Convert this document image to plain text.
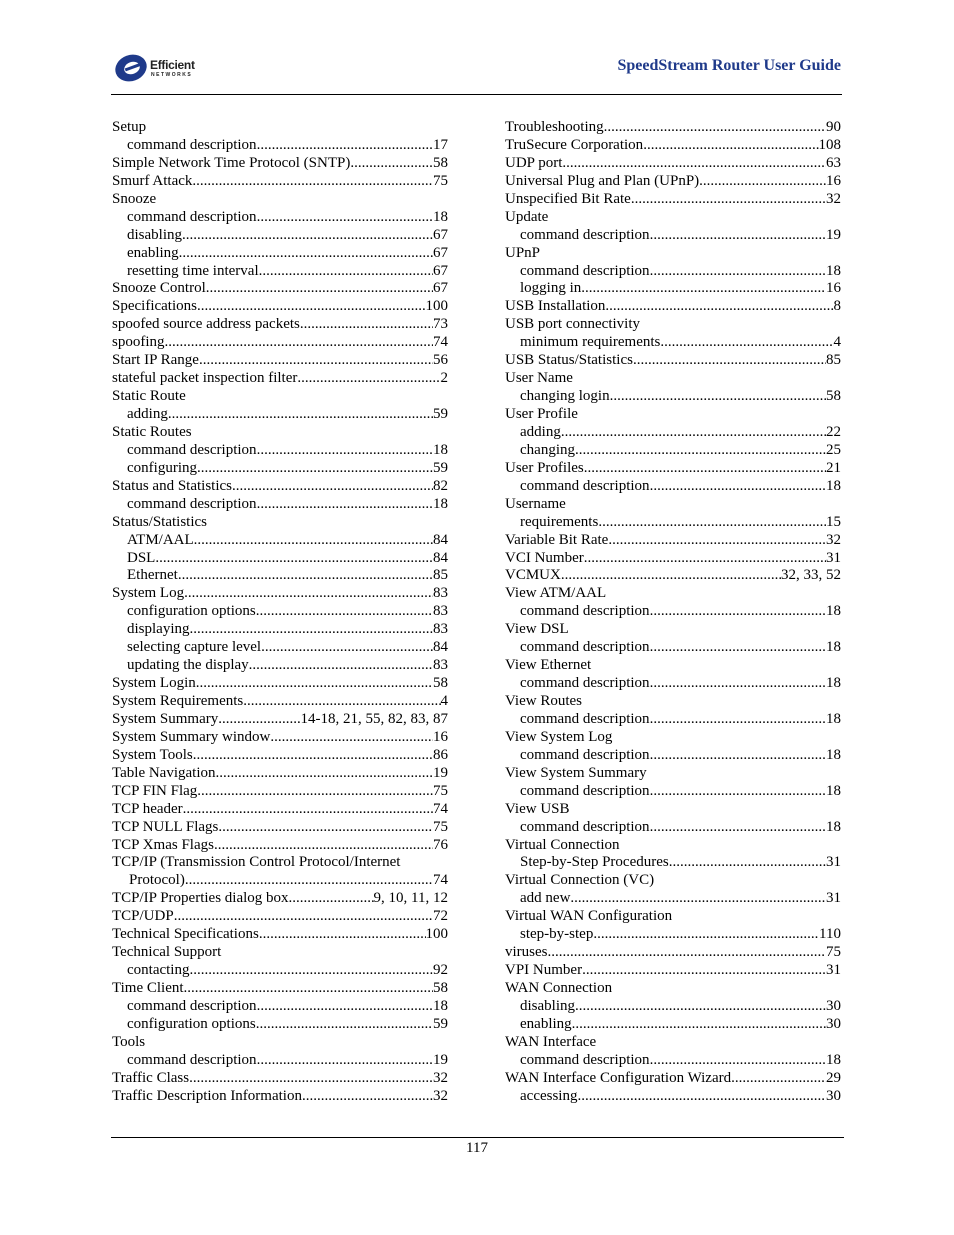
Efficient
NETWORKS
SpeedStream Router User Guide
Setup
command description .....	17
Simple Network Time Protocol (SNTP) .....	58
Smurf Attack .....	75
Snooze
command description .....	18
disabling .....	67
enabling .....	67
resetting time interval .....	67
Snooze Control .....	67
Specifications .....	100
spoofed source address packets .....	73
spoofing .....	74
Start IP Range .....	56
stateful packet inspection filter .....	2
Static Route
adding .....	59
Static Routes
command description .....	18
configuring .....	59
Status and Statistics .....	82
command description .....	18
Status/Statistics
ATM/AAL .....	84
DSL .....	84
Ethernet .....	85
System Log .....	83
configuration options .....	83
displaying .....	83
selecting capture level .....	84
updating the display .....	83
System Login .....	58
System Requirements .....	4
System Summary .....	14-18, 21, 55, 82, 83, 87
System Summary window .....	16
System Tools .....	86
Table Navigation .....	19
TCP FIN Flag .....	75
TCP header .....	74
TCP NULL Flags .....	75
TCP Xmas Flags .....	76
TCP/IP (Transmission Control Protocol/Internet
Protocol) .....	74
TCP/IP Properties dialog box .....	9, 10, 11, 12
TCP/UDP .....	72
Technical Specifications .....	100
Technical Support
contacting .....	92
Time Client .....	58
command description .....	18
configuration options .....	59
Tools
command description .....	19
Traffic Class .....	32
Traffic Description Information .....	32
Troubleshooting .....	90
TruSecure Corporation .....	108
UDP port .....	63
Universal Plug and Plan (UPnP) .....	16
Unspecified Bit Rate .....	32
Update
command description .....	19
UPnP
command description .....	18
logging in .....	16
USB Installation .....	8
USB port connectivity
minimum requirements .....	4
USB Status/Statistics .....	85
User Name
changing login .....	58
User Profile
adding .....	22
changing .....	25
User Profiles .....	21
command description .....	18
Username
requirements .....	15
Variable Bit Rate .....	32
VCI Number .....	31
VCMUX .....	32, 33, 52
View ATM/AAL
command description .....	18
View DSL
command description .....	18
View Ethernet
command description .....	18
View Routes
command description .....	18
View System Log
command description .....	18
View System Summary
command description .....	18
View USB
command description .....	18
Virtual Connection
Step-by-Step Procedures .....	31
Virtual Connection (VC)
add new .....	31
Virtual WAN Configuration
step-by-step .....	110
viruses .....	75
VPI Number .....	31
WAN Connection
disabling .....	30
enabling .....	30
WAN Interface
command description .....	18
WAN Interface Configuration Wizard .....	29
accessing .....	30
117
